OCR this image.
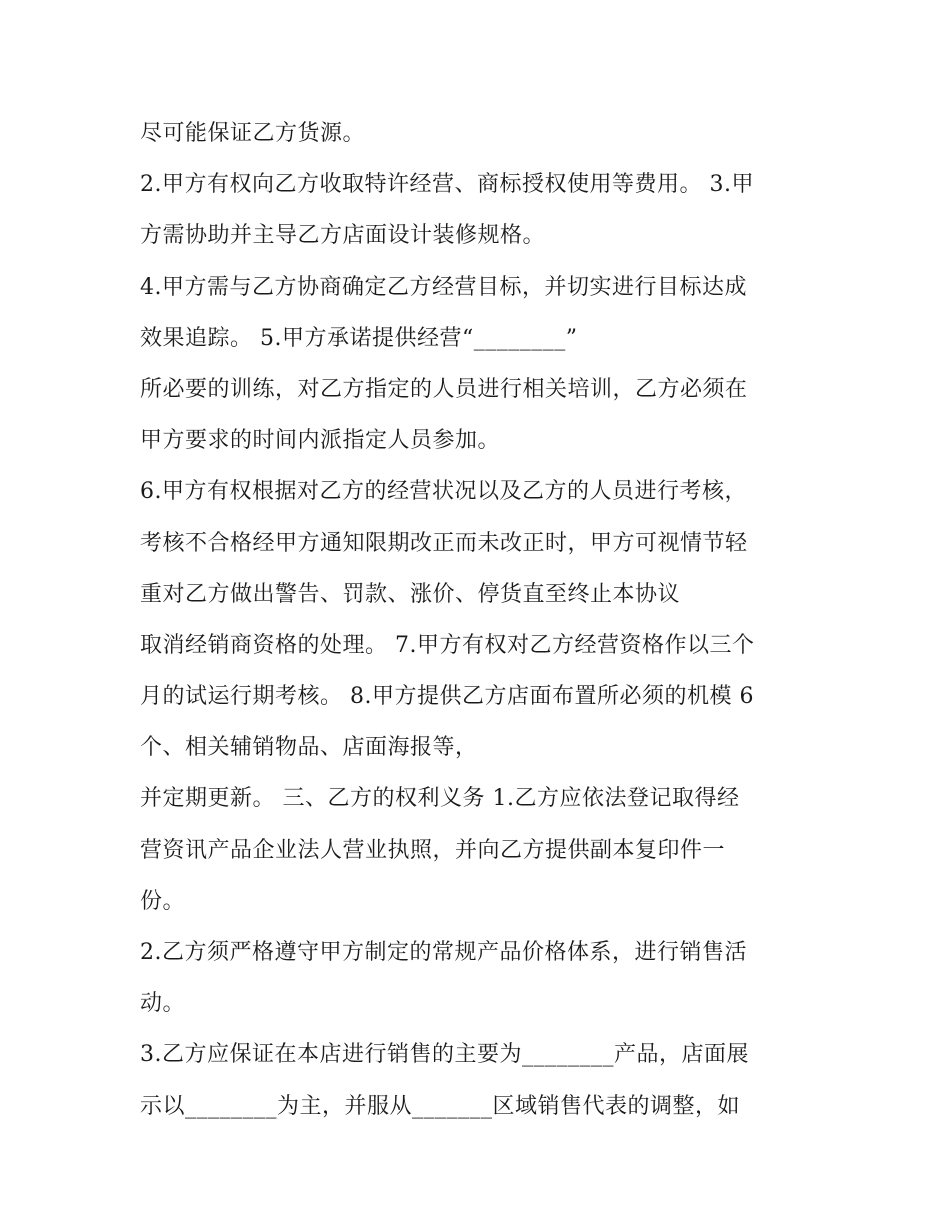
尽可能保证乙方货源。
2.甲方有权向乙方收取特许经营、商标授权使用等费用。 3.甲
方需协助并主导乙方店面设计装修规格。
4.甲方需与乙方协商确定乙方经营目标，并切实进行目标达成
效果追踪。 5.甲方承诺提供经营“________”
所必要的训练，对乙方指定的人员进行相关培训，乙方必须在
甲方要求的时间内派指定人员参加。
6.甲方有权根据对乙方的经营状况以及乙方的人员进行考核，
考核不合格经甲方通知限期改正而未改正时，甲方可视情节轻
重对乙方做出警告、罚款、涨价、停货直至终止本协议
取消经销商资格的处理。 7.甲方有权对乙方经营资格作以三个
月的试运行期考核。 8.甲方提供乙方店面布置所必须的机模 6
个、相关辅销物品、店面海报等，
并定期更新。 三、乙方的权利义务 1.乙方应依法登记取得经
营资讯产品企业法人营业执照，并向乙方提供副本复印件一
份。
2.乙方须严格遵守甲方制定的常规产品价格体系，进行销售活
动。
3.乙方应保证在本店进行销售的主要为________产品，店面展
示以________为主，并服从_______区域销售代表的调整，如
